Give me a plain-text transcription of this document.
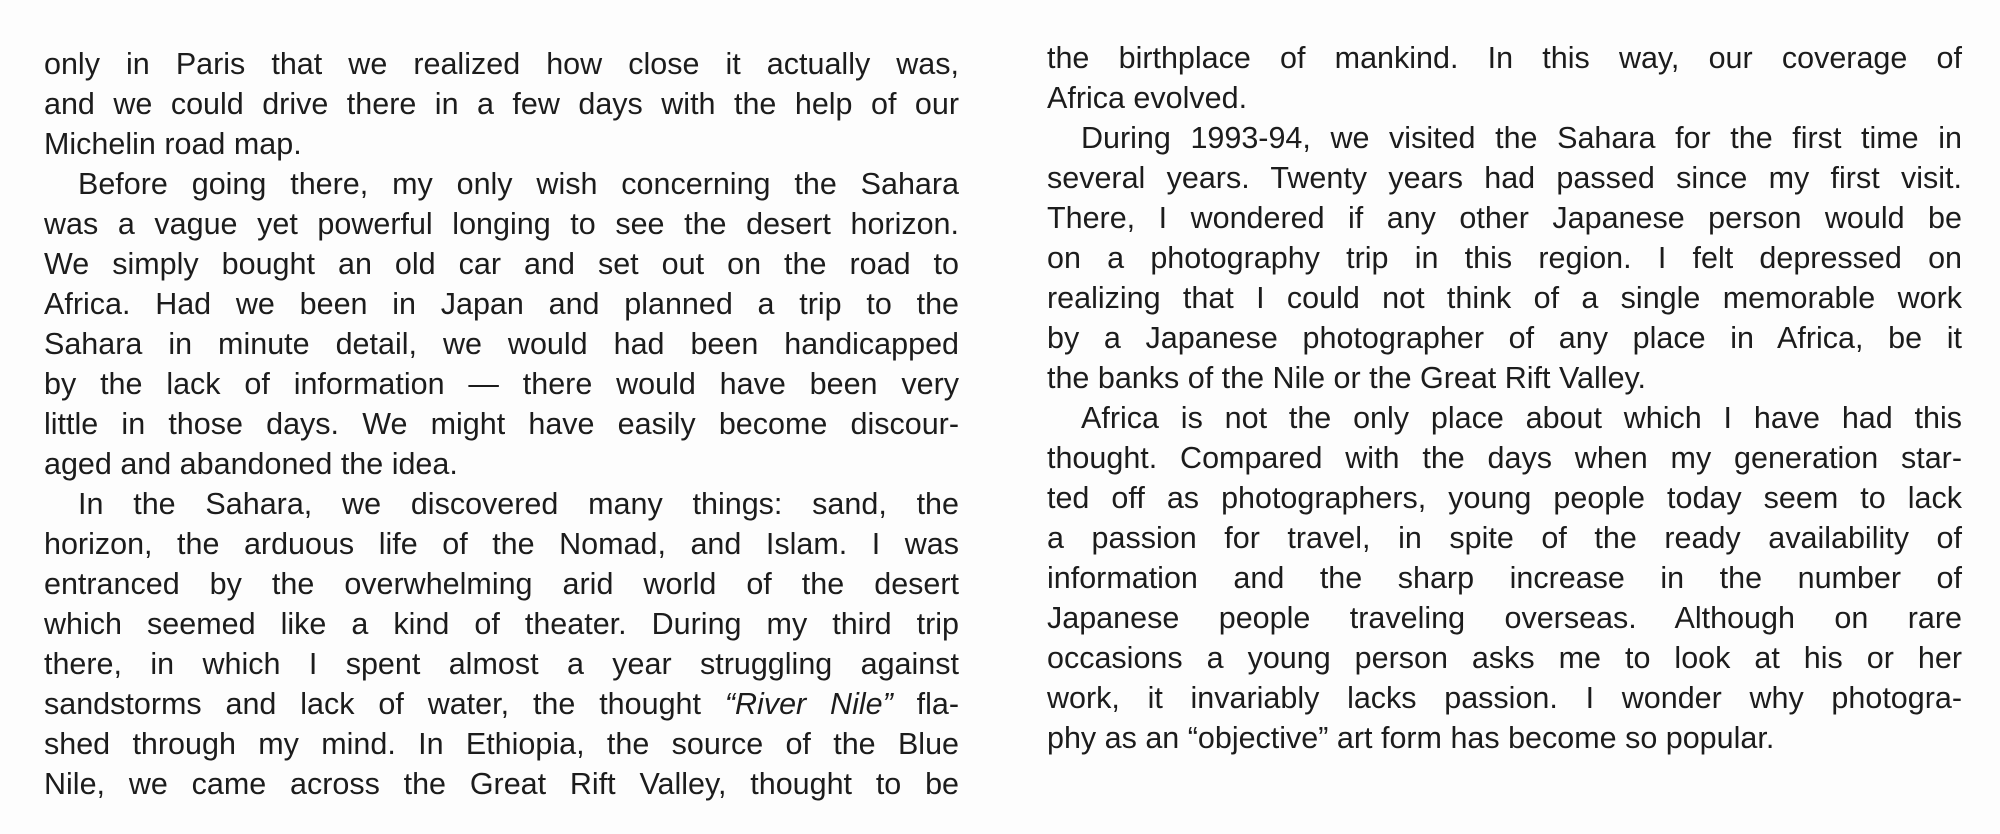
only in Paris that we realized how close it actually was,
and we could drive there in a few days with the help of our
Michelin road map.
Before going there, my only wish concerning the Sahara
was a vague yet powerful longing to see the desert horizon.
We simply bought an old car and set out on the road to
Africa. Had we been in Japan and planned a trip to the
Sahara in minute detail, we would had been handicapped
by the lack of information — there would have been very
little in those days. We might have easily become discour-
aged and abandoned the idea.
In the Sahara, we discovered many things: sand, the
horizon, the arduous life of the Nomad, and Islam. I was
entranced by the overwhelming arid world of the desert
which seemed like a kind of theater. During my third trip
there, in which I spent almost a year struggling against
sandstorms and lack of water, the thought “River Nile” fla-
shed through my mind. In Ethiopia, the source of the Blue
Nile, we came across the Great Rift Valley, thought to be
the birthplace of mankind. In this way, our coverage of
Africa evolved.
During 1993-94, we visited the Sahara for the first time in
several years. Twenty years had passed since my first visit.
There, I wondered if any other Japanese person would be
on a photography trip in this region. I felt depressed on
realizing that I could not think of a single memorable work
by a Japanese photographer of any place in Africa, be it
the banks of the Nile or the Great Rift Valley.
Africa is not the only place about which I have had this
thought. Compared with the days when my generation star-
ted off as photographers, young people today seem to lack
a passion for travel, in spite of the ready availability of
information and the sharp increase in the number of
Japanese people traveling overseas. Although on rare
occasions a young person asks me to look at his or her
work, it invariably lacks passion. I wonder why photogra-
phy as an “objective” art form has become so popular.
